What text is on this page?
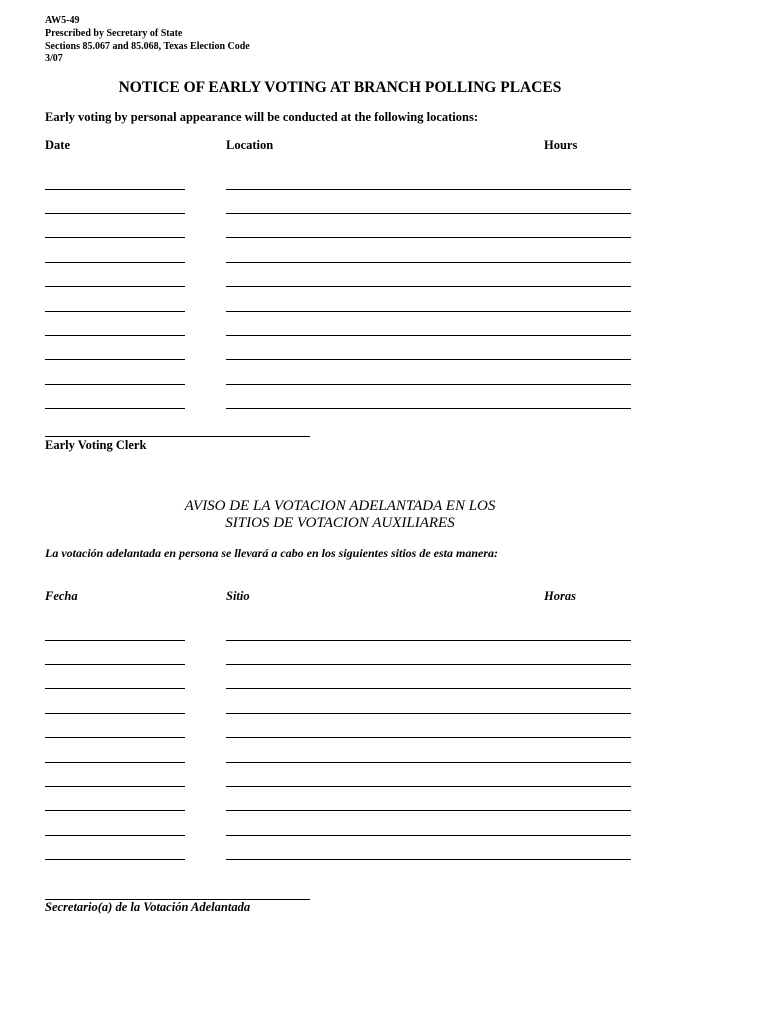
AW5-49

Prescribed by Secretary of State

Sections 85.067 and 85.068, Texas Election Code

3/07

NOTICE OF EARLY VOTING AT BRANCH POLLING PLACES

Early voting by personal appearance will be conducted at the following locations:

Date	Location	Hours

Early Voting Clerk

AVISO DE LA VOTACION ADELANTADA EN LOS
SITIOS DE VOTACION AUXILIARES

La votación adelantada en persona se llevará a cabo en los siguientes sitios de esta manera:

Fecha	Sitio	Horas

Secretario(a) de la Votación Adelantada
